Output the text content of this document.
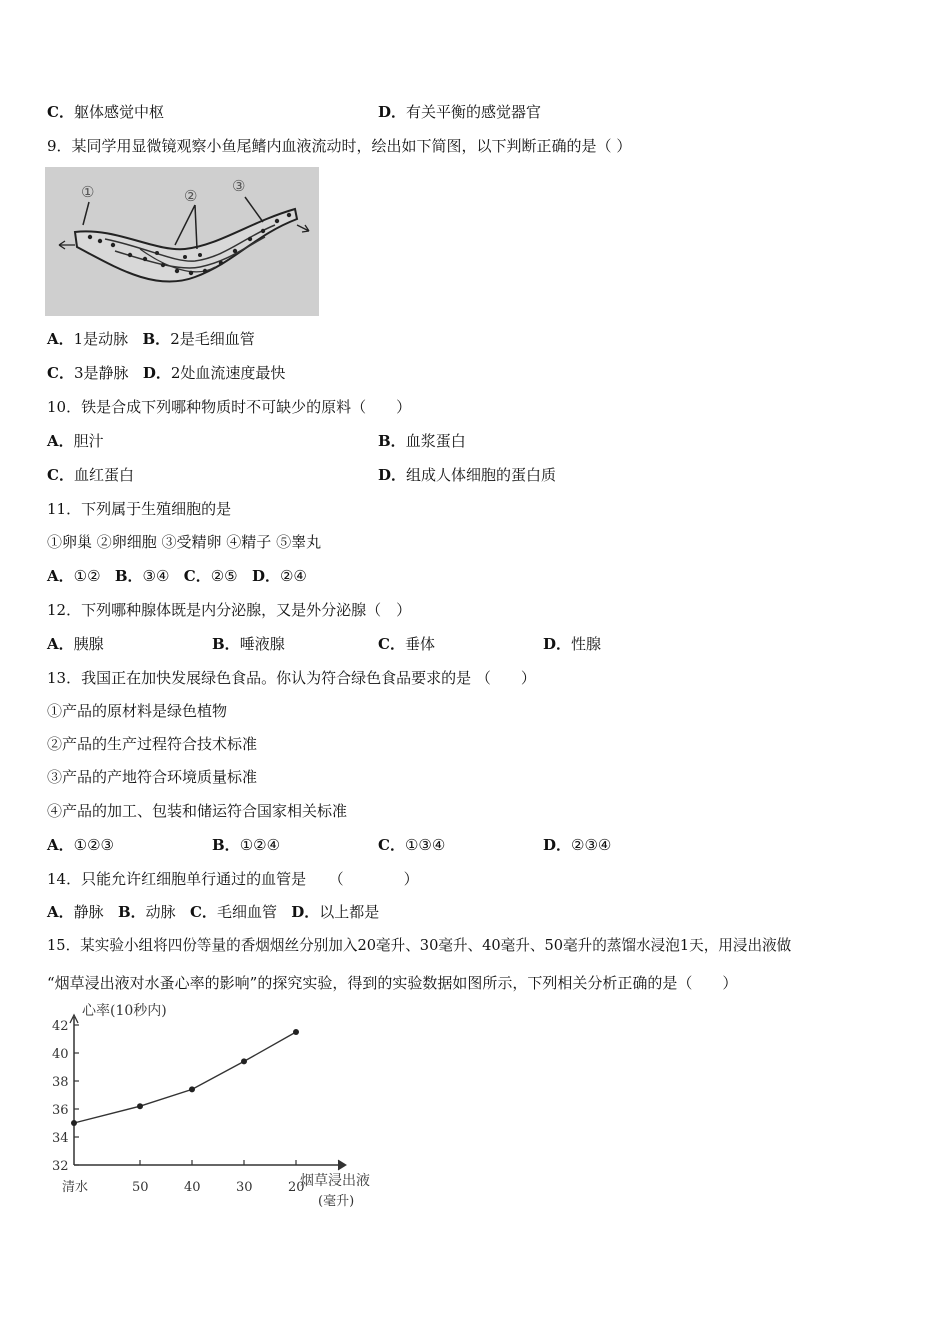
C．躯体感觉中枢	D．有关平衡的感觉器官
9．某同学用显微镜观察小鱼尾鳍内血液流动时，绘出如下简图，以下判断正确的是（ ）
①	②
③
A．1是动脉 B．2是毛细血管
C．3是静脉 D．2处血流速度最快
10．铁是合成下列哪种物质时不可缺少的原料（　　）
A．胆汁	B．血浆蛋白
C．血红蛋白	D．组成人体细胞的蛋白质
11．下列属于生殖细胞的是
①卵巢 ②卵细胞 ③受精卵 ④精子 ⑤睾丸
A．①② B．③④ C．②⑤ D．②④
12．下列哪种腺体既是内分泌腺，又是外分泌腺（　）
A．胰腺	B．唾液腺	C．垂体	D．性腺
13．我国正在加快发展绿色食品。你认为符合绿色食品要求的是 （　　）
①产品的原材料是绿色植物
②产品的生产过程符合技术标准
③产品的产地符合环境质量标准
④产品的加工、包装和储运符合国家相关标准
A．①②③	B．①②④	C．①③④	D．②③④
14．只能允许红细胞单行通过的血管是　　（　　　　）
A．静脉 B．动脉 C．毛细血管 D．以上都是
15．某实验小组将四份等量的香烟烟丝分别加入20毫升、30毫升、40毫升、50毫升的蒸馏水浸泡1天，用浸出液做
“烟草浸出液对水蚤心率的影响”的探究实验，得到的实验数据如图所示，下列相关分析正确的是（　　）
32
34
36
38
40
42
清水	50	40	30	20
心率(10秒内)
烟草浸出液
(毫升)
